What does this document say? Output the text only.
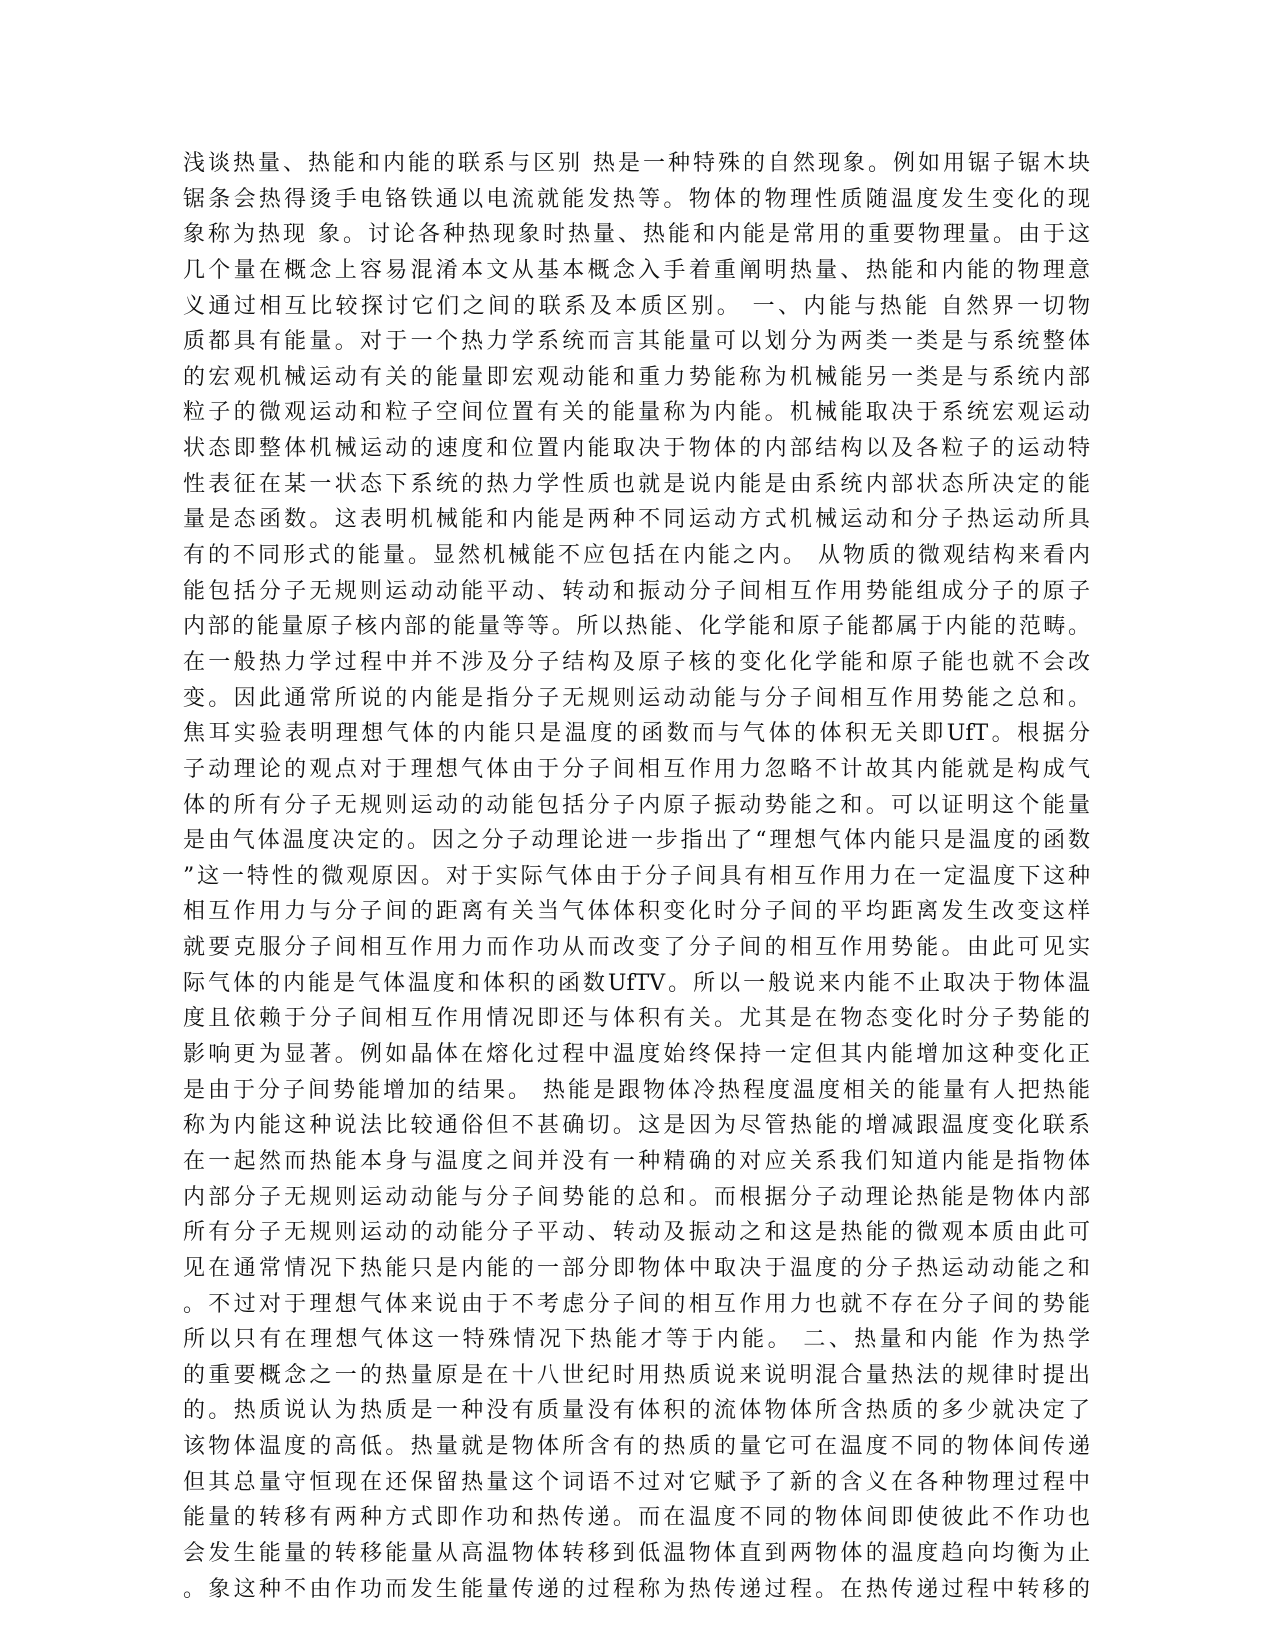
浅谈热量、热能和内能的联系与区别 热是一种特殊的自然现象。例如用锯子锯木块
锯条会热得烫手电铬铁通以电流就能发热等。物体的物理性质随温度发生变化的现
象称为热现 象。讨论各种热现象时热量、热能和内能是常用的重要物理量。由于这
几个量在概念上容易混淆本文从基本概念入手着重阐明热量、热能和内能的物理意
义通过相互比较探讨它们之间的联系及本质区别。 一、内能与热能 自然界一切物
质都具有能量。对于一个热力学系统而言其能量可以划分为两类一类是与系统整体
的宏观机械运动有关的能量即宏观动能和重力势能称为机械能另一类是与系统内部
粒子的微观运动和粒子空间位置有关的能量称为内能。机械能取决于系统宏观运动
状态即整体机械运动的速度和位置内能取决于物体的内部结构以及各粒子的运动特
性表征在某一状态下系统的热力学性质也就是说内能是由系统内部状态所决定的能
量是态函数。这表明机械能和内能是两种不同运动方式机械运动和分子热运动所具
有的不同形式的能量。显然机械能不应包括在内能之内。 从物质的微观结构来看内
能包括分子无规则运动动能平动、转动和振动分子间相互作用势能组成分子的原子
内部的能量原子核内部的能量等等。所以热能、化学能和原子能都属于内能的范畴。
在一般热力学过程中并不涉及分子结构及原子核的变化化学能和原子能也就不会改
变。因此通常所说的内能是指分子无规则运动动能与分子间相互作用势能之总和。
焦耳实验表明理想气体的内能只是温度的函数而与气体的体积无关即UfT。根据分
子动理论的观点对于理想气体由于分子间相互作用力忽略不计故其内能就是构成气
体的所有分子无规则运动的动能包括分子内原子振动势能之和。可以证明这个能量
是由气体温度决定的。因之分子动理论进一步指出了“理想气体内能只是温度的函数
”这一特性的微观原因。对于实际气体由于分子间具有相互作用力在一定温度下这种
相互作用力与分子间的距离有关当气体体积变化时分子间的平均距离发生改变这样
就要克服分子间相互作用力而作功从而改变了分子间的相互作用势能。由此可见实
际气体的内能是气体温度和体积的函数UfTV。所以一般说来内能不止取决于物体温
度且依赖于分子间相互作用情况即还与体积有关。尤其是在物态变化时分子势能的
影响更为显著。例如晶体在熔化过程中温度始终保持一定但其内能增加这种变化正
是由于分子间势能增加的结果。 热能是跟物体冷热程度温度相关的能量有人把热能
称为内能这种说法比较通俗但不甚确切。这是因为尽管热能的增减跟温度变化联系
在一起然而热能本身与温度之间并没有一种精确的对应关系我们知道内能是指物体
内部分子无规则运动动能与分子间势能的总和。而根据分子动理论热能是物体内部
所有分子无规则运动的动能分子平动、转动及振动之和这是热能的微观本质由此可
见在通常情况下热能只是内能的一部分即物体中取决于温度的分子热运动动能之和
。不过对于理想气体来说由于不考虑分子间的相互作用力也就不存在分子间的势能
所以只有在理想气体这一特殊情况下热能才等于内能。 二、热量和内能 作为热学
的重要概念之一的热量原是在十八世纪时用热质说来说明混合量热法的规律时提出
的。热质说认为热质是一种没有质量没有体积的流体物体所含热质的多少就决定了
该物体温度的高低。热量就是物体所含有的热质的量它可在温度不同的物体间传递
但其总量守恒现在还保留热量这个词语不过对它赋予了新的含义在各种物理过程中
能量的转移有两种方式即作功和热传递。而在温度不同的物体间即使彼此不作功也
会发生能量的转移能量从高温物体转移到低温物体直到两物体的温度趋向均衡为止
。象这种不由作功而发生能量传递的过程称为热传递过程。在热传递过程中转移的
